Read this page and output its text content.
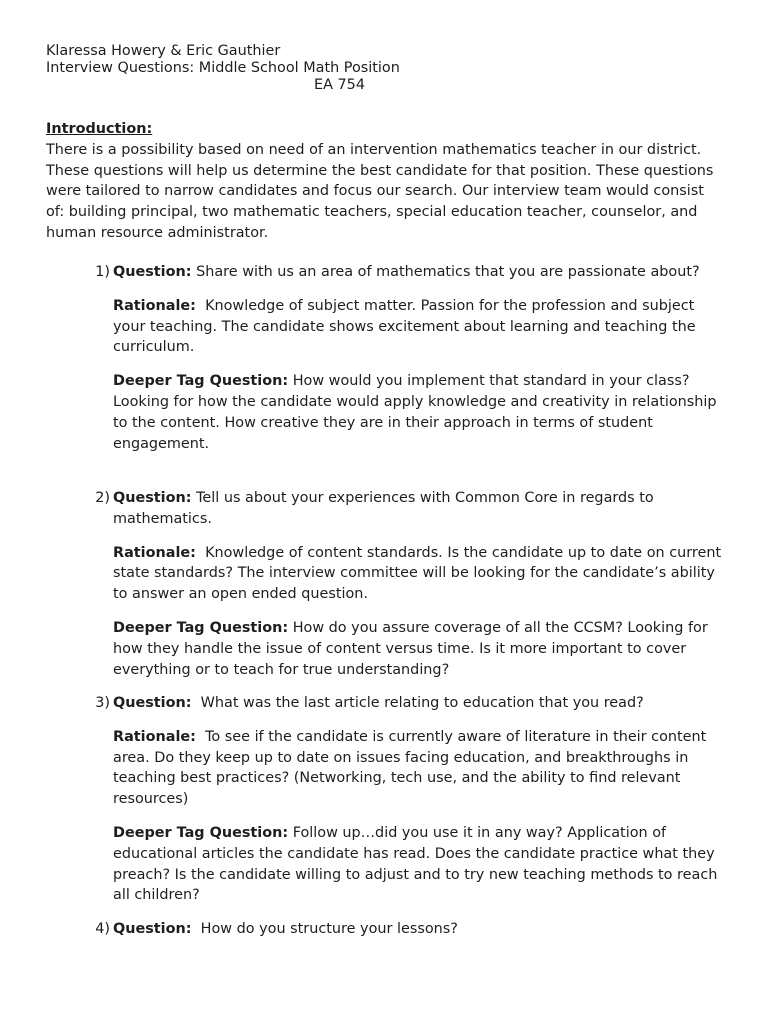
Klaressa Howery & Eric Gauthier
Interview Questions: Middle School Math Position
EA 754
Introduction:

There is a possibility based on need of an intervention mathematics teacher in our district. These questions will help us determine the best candidate for that position. These questions were tailored to narrow candidates and focus our search. Our interview team would consist of: building principal, two mathematic teachers, special education teacher, counselor, and human resource administrator.

1) Question: Share with us an area of mathematics that you are passionate about?

Rationale: Knowledge of subject matter. Passion for the profession and subject your teaching. The candidate shows excitement about learning and teaching the curriculum.

Deeper Tag Question: How would you implement that standard in your class? Looking for how the candidate would apply knowledge and creativity in relationship to the content. How creative they are in their approach in terms of student engagement.

2) Question: Tell us about your experiences with Common Core in regards to mathematics.

Rationale: Knowledge of content standards. Is the candidate up to date on current state standards? The interview committee will be looking for the candidate’s ability to answer an open ended question.

Deeper Tag Question: How do you assure coverage of all the CCSM? Looking for how they handle the issue of content versus time. Is it more important to cover everything or to teach for true understanding?

3) Question: What was the last article relating to education that you read?

Rationale: To see if the candidate is currently aware of literature in their content area. Do they keep up to date on issues facing education, and breakthroughs in teaching best practices? (Networking, tech use, and the ability to find relevant resources)

Deeper Tag Question: Follow up…did you use it in any way? Application of educational articles the candidate has read. Does the candidate practice what they preach? Is the candidate willing to adjust and to try new teaching methods to reach all children?

4) Question: How do you structure your lessons?
